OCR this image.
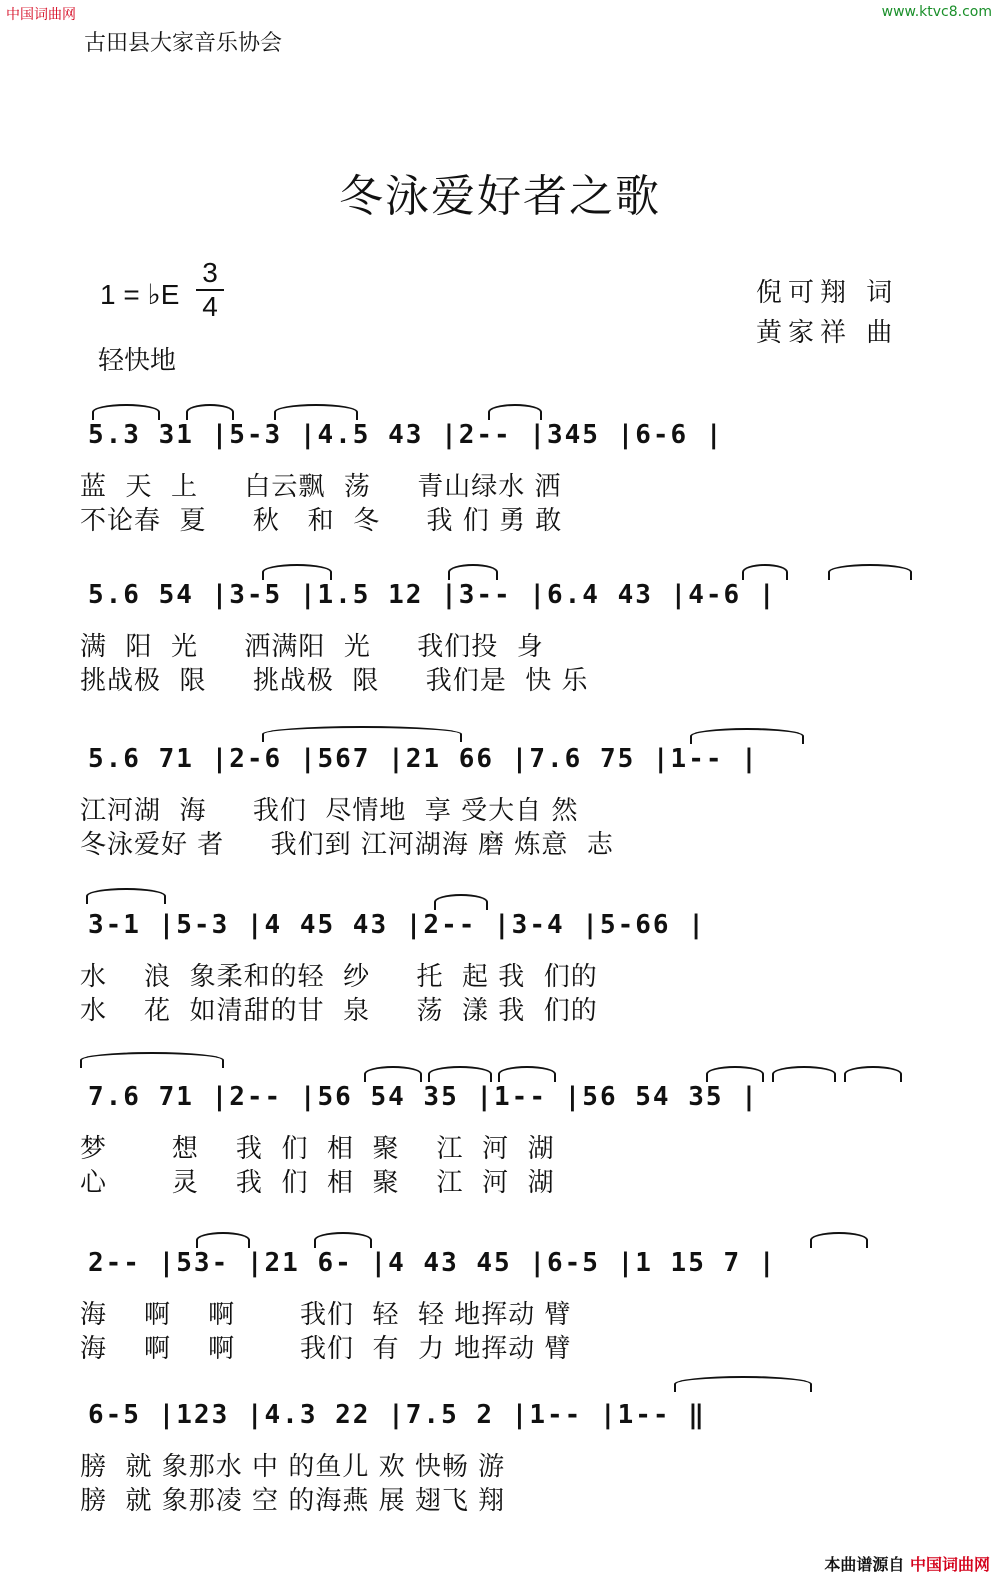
中国词曲网	www.ktvc8.com
古田县大家音乐协会
冬泳爱好者之歌
1 = ♭E
3
4	倪可翔 词
黄家祥 曲
轻快地
5.3 31 |5-3 |4.5 43 |2-- |345 |6-6 |
蓝  天  上     白云飘  荡     青山绿水 洒
不论春  夏     秋   和  冬     我 们 勇 敢
5.6 54 |3-5 |1.5 12 |3-- |6.4 43 |4-6 |
满  阳  光     洒满阳  光     我们投  身
挑战极  限     挑战极  限     我们是  快 乐
5.6 71 |2-6 |567 |21 66 |7.6 75 |1-- |
江河湖  海     我们  尽情地  享 受大自 然
冬泳爱好 者     我们到 江河湖海 磨 炼意  志
3-1 |5-3 |4 45 43 |2-- |3-4 |5-66 |
水    浪  象柔和的轻  纱     托  起 我  们的
水    花  如清甜的甘  泉     荡  漾 我  们的
7.6 71 |2-- |56 54 35 |1-- |56 54 35 |
梦       想    我  们  相  聚    江  河  湖
心       灵    我  们  相  聚    江  河  湖
2-- |53- |21 6- |4 43 45 |6-5 |1 15 7 |
海    啊    啊       我们  轻  轻 地挥动 臂
海    啊    啊       我们  有  力 地挥动 臂
6-5 |123 |4.3 22 |7.5 2 |1-- |1-- ‖
膀  就 象那水 中 的鱼儿 欢 快畅 游
膀  就 象那凌 空 的海燕 展 翅飞 翔
本曲谱源自 中国词曲网
